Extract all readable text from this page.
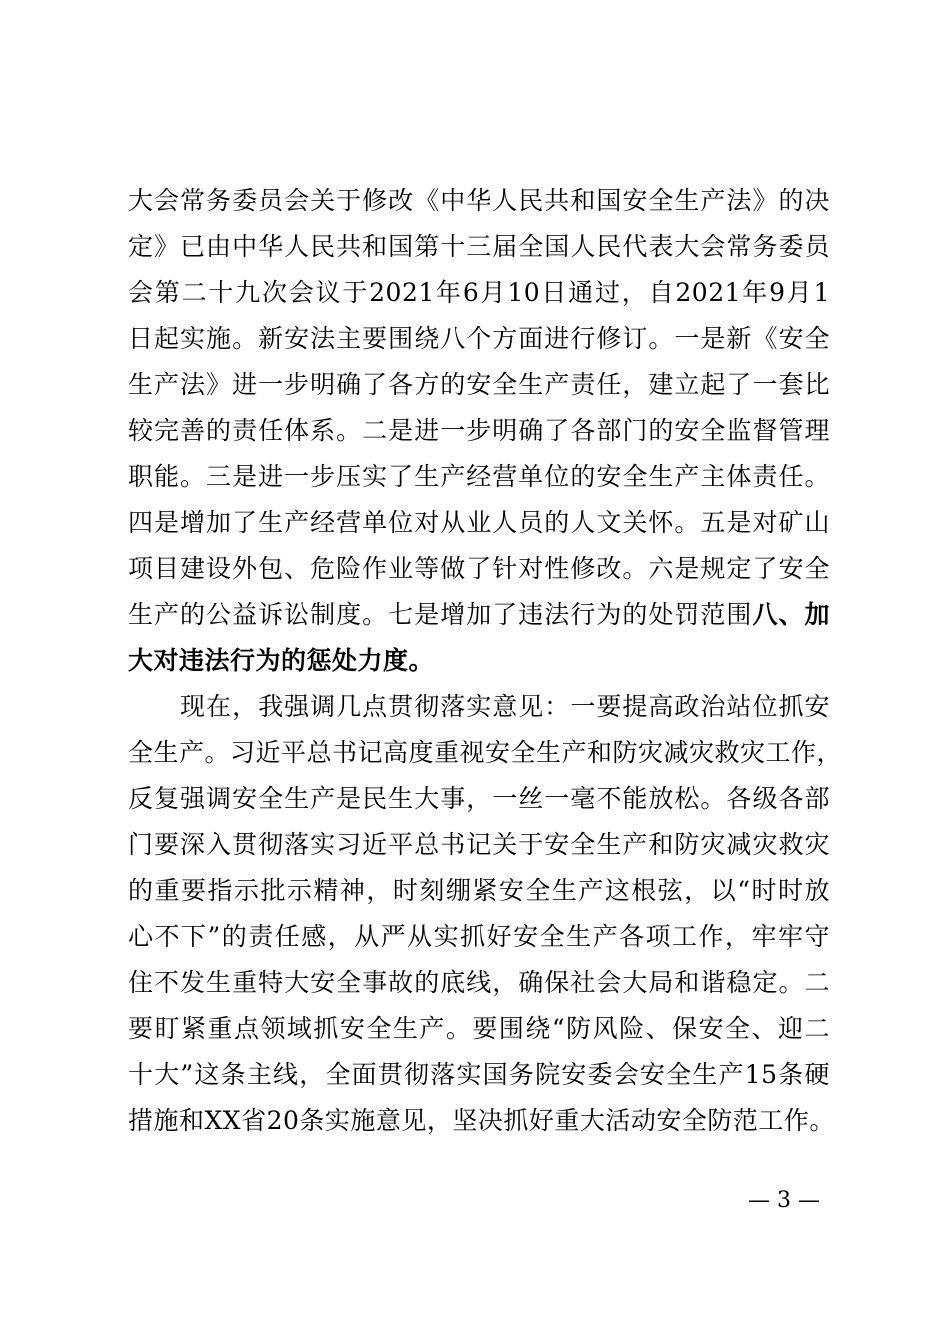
大会常务委员会关于修改《中华人民共和国安全生产法》的决
定》已由中华人民共和国第十三届全国人民代表大会常务委员
会第二十九次会议于2021年6月10日通过，自2021年9月1
日起实施。新安法主要围绕八个方面进行修订。一是新《安全
生产法》进一步明确了各方的安全生产责任，建立起了一套比
较完善的责任体系。二是进一步明确了各部门的安全监督管理
职能。三是进一步压实了生产经营单位的安全生产主体责任。
四是增加了生产经营单位对从业人员的人文关怀。五是对矿山
项目建设外包、危险作业等做了针对性修改。六是规定了安全
生产的公益诉讼制度。七是增加了违法行为的处罚范围八、加
大对违法行为的惩处力度。
　　现在，我强调几点贯彻落实意见：一要提高政治站位抓安
全生产。习近平总书记高度重视安全生产和防灾减灾救灾工作，
反复强调安全生产是民生大事，一丝一毫不能放松。各级各部
门要深入贯彻落实习近平总书记关于安全生产和防灾减灾救灾
的重要指示批示精神，时刻绷紧安全生产这根弦，以“时时放
心不下”的责任感，从严从实抓好安全生产各项工作，牢牢守
住不发生重特大安全事故的底线，确保社会大局和谐稳定。二
要盯紧重点领域抓安全生产。要围绕“防风险、保安全、迎二
十大”这条主线，全面贯彻落实国务院安委会安全生产15条硬
措施和XX省20条实施意见，坚决抓好重大活动安全防范工作。
— 3 —
